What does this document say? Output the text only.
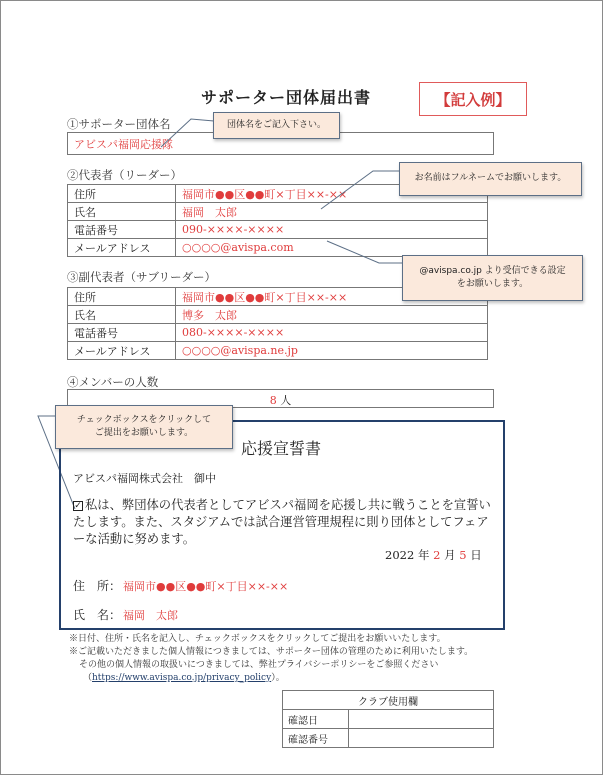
サポーター団体届出書	【記入例】
①サポーター団体名
アビスパ福岡応援隊
②代表者（リーダー）
住所	福岡市●●区●●町×丁目××-××
氏名	福岡　太郎
電話番号	090-××××-××××
メールアドレス	○○○○@avispa.com
③副代表者（サブリーダー）
住所	福岡市●●区●●町×丁目××-××
氏名	博多　太郎
電話番号	080-××××-××××
メールアドレス	○○○○@avispa.ne.jp
④メンバーの人数
8 人
団体名をご記入下さい。
お名前はフルネームでお願いします。
@avispa.co.jp より受信できる設定
をお願いします。
チェックボックスをクリックして
ご提出をお願いします。
応援宣誓書
アビスパ福岡株式会社　御中
✓ 私は、弊団体の代表者としてアビスパ福岡を応援し共に戦うことを宣誓いたします。また、スタジアムでは試合運営管理規程に則り団体としてフェアーな活動に努めます。
2022 年 2 月 5 日
住　所： 福岡市●●区●●町×丁目××-××
氏　名： 福岡　太郎
※日付、住所・氏名を記入し、チェックボックスをクリックしてご提出をお願いいたします。
※ご記載いただきました個人情報につきましては、サポーター団体の管理のために利用いたします。
その他の個人情報の取扱いにつきましては、弊社プライバシーポリシーをご参照ください
（https://www.avispa.co.jp/privacy_policy）。
クラブ使用欄	
確認日	
確認番号	
